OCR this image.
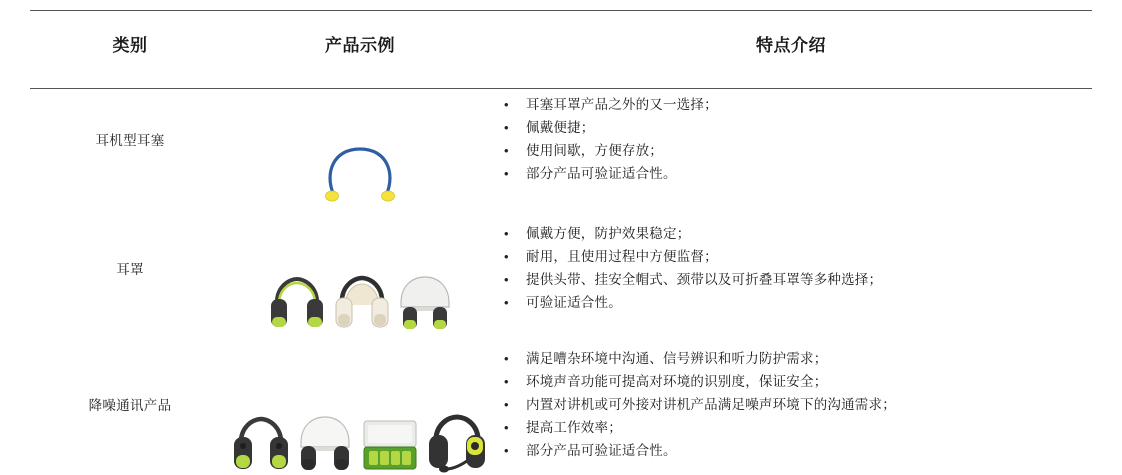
类别	产品示例	特点介绍
耳机型耳塞	

• 耳塞耳罩产品之外的又一选择；
• 佩戴便捷；
• 使用间歇，方便存放；
• 部分产品可验证适合性。

耳罩	

• 佩戴方便，防护效果稳定；
• 耐用，且使用过程中方便监督；
• 提供头带、挂安全帽式、颈带以及可折叠耳罩等多种选择；
• 可验证适合性。

降噪通讯产品	

• 满足嘈杂环境中沟通、信号辨识和听力防护需求；
• 环境声音功能可提高对环境的识别度，保证安全；
• 内置对讲机或可外接对讲机产品满足噪声环境下的沟通需求；
• 提高工作效率；
• 部分产品可验证适合性。
